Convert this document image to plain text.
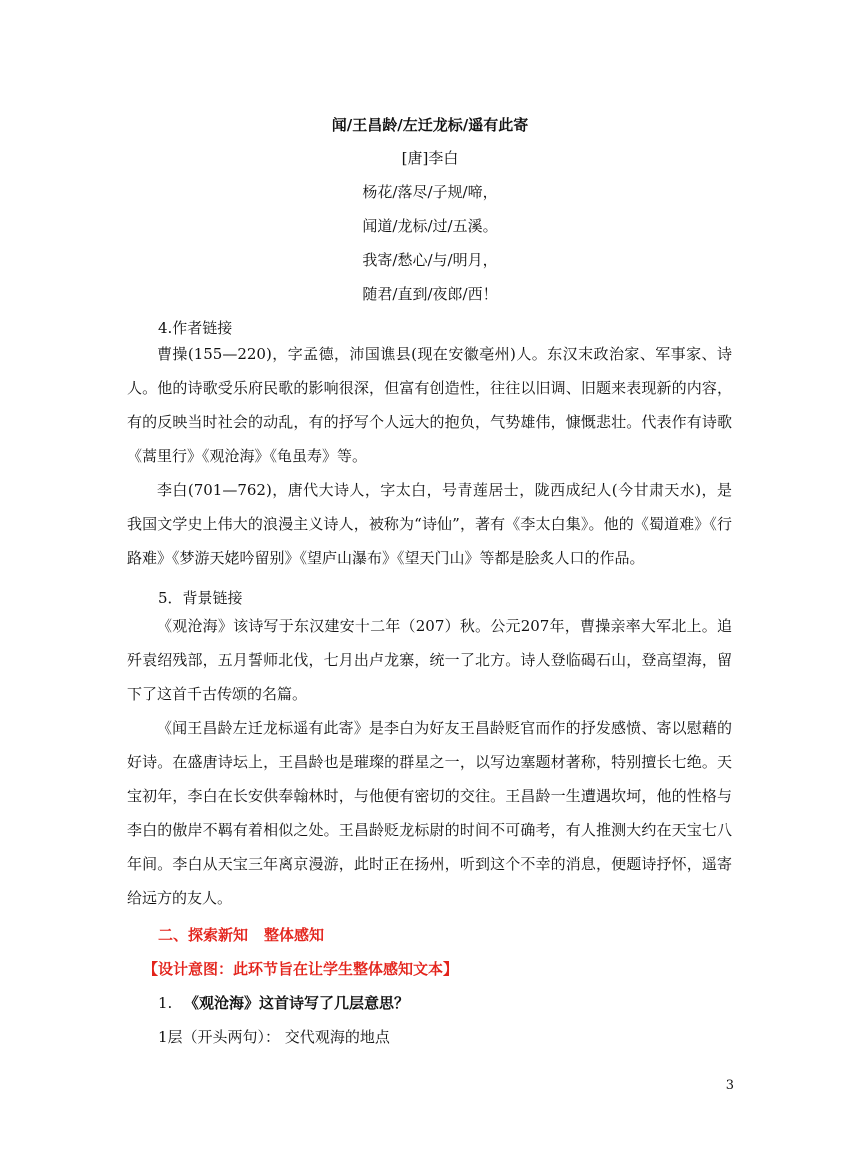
闻/王昌龄/左迁龙标/遥有此寄
[唐]李白
杨花/落尽/子规/啼，
闻道/龙标/过/五溪。
我寄/愁心/与/明月，
随君/直到/夜郎/西！
4.作者链接

曹操(155—220)，字孟德，沛国谯县(现在安徽亳州)人。东汉末政治家、军事家、诗人。他的诗歌受乐府民歌的影响很深，但富有创造性，往往以旧调、旧题来表现新的内容，有的反映当时社会的动乱，有的抒写个人远大的抱负，气势雄伟，慷慨悲壮。代表作有诗歌《蒿里行》《观沧海》《龟虽寿》等。

李白(701—762)，唐代大诗人，字太白，号青莲居士，陇西成纪人(今甘肃天水)，是我国文学史上伟大的浪漫主义诗人，被称为“诗仙”，著有《李太白集》。他的《蜀道难》《行路难》《梦游天姥吟留别》《望庐山瀑布》《望天门山》等都是脍炙人口的作品。

5．背景链接

《观沧海》该诗写于东汉建安十二年（207）秋。公元207年，曹操亲率大军北上。追歼袁绍残部，五月誓师北伐，七月出卢龙寨，统一了北方。诗人登临碣石山，登高望海，留下了这首千古传颂的名篇。

《闻王昌龄左迁龙标遥有此寄》是李白为好友王昌龄贬官而作的抒发感愤、寄以慰藉的好诗。在盛唐诗坛上，王昌龄也是璀璨的群星之一，以写边塞题材著称，特别擅长七绝。天宝初年，李白在长安供奉翰林时，与他便有密切的交往。王昌龄一生遭遇坎坷，他的性格与李白的傲岸不羁有着相似之处。王昌龄贬龙标尉的时间不可确考，有人推测大约在天宝七八年间。李白从天宝三年离京漫游，此时正在扬州，听到这个不幸的消息，便题诗抒怀，遥寄给远方的友人。

二、探索新知 整体感知
【设计意图：此环节旨在让学生整体感知文本】
1. 《观沧海》这首诗写了几层意思？
1层（开头两句）： 交代观海的地点
3
